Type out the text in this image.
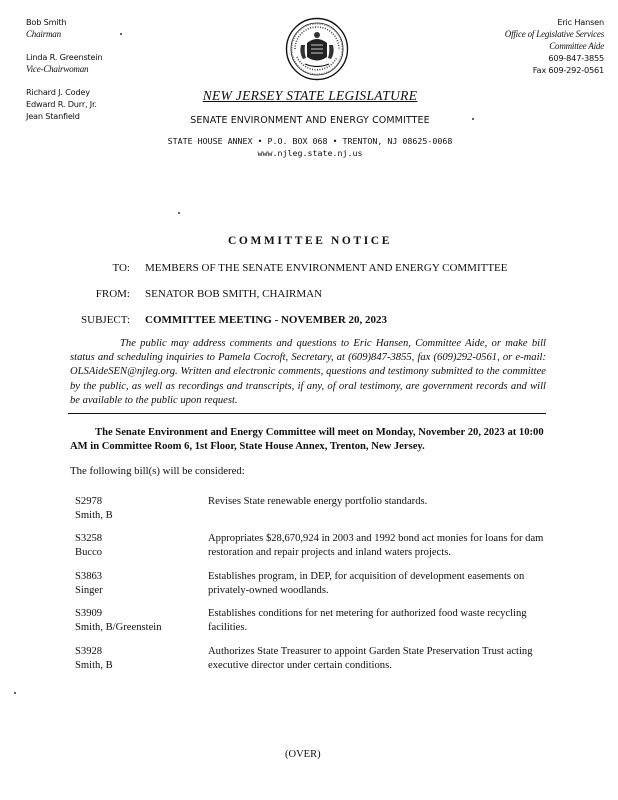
Bob Smith
Chairman
Linda R. Greenstein
Vice-Chairwoman
Richard J. Codey
Edward R. Durr, Jr.
Jean Stanfield
Eric Hansen
Office of Legislative Services
Committee Aide
609-847-3855
Fax 609-292-0561
NEW JERSEY STATE LEGISLATURE
SENATE ENVIRONMENT AND ENERGY COMMITTEE
STATE HOUSE ANNEX • P.O. BOX 068 • TRENTON, NJ 08625-0068
www.njleg.state.nj.us
COMMITTEE NOTICE
TO: MEMBERS OF THE SENATE ENVIRONMENT AND ENERGY COMMITTEE
FROM: SENATOR BOB SMITH, CHAIRMAN
SUBJECT: COMMITTEE MEETING - NOVEMBER 20, 2023
The public may address comments and questions to Eric Hansen, Committee Aide, or make bill status and scheduling inquiries to Pamela Cocroft, Secretary, at (609)847-3855, fax (609)292-0561, or e-mail: OLSAideSEN@njleg.org. Written and electronic comments, questions and testimony submitted to the committee by the public, as well as recordings and transcripts, if any, of oral testimony, are government records and will be available to the public upon request.
The Senate Environment and Energy Committee will meet on Monday, November 20, 2023 at 10:00 AM in Committee Room 6, 1st Floor, State House Annex, Trenton, New Jersey.
The following bill(s) will be considered:
S2978
Smith, B
Revises State renewable energy portfolio standards.
S3258
Bucco
Appropriates $28,670,924 in 2003 and 1992 bond act monies for loans for dam restoration and repair projects and inland waters projects.
S3863
Singer
Establishes program, in DEP, for acquisition of development easements on privately-owned woodlands.
S3909
Smith, B/Greenstein
Establishes conditions for net metering for authorized food waste recycling facilities.
S3928
Smith, B
Authorizes State Treasurer to appoint Garden State Preservation Trust acting executive director under certain conditions.
(OVER)
